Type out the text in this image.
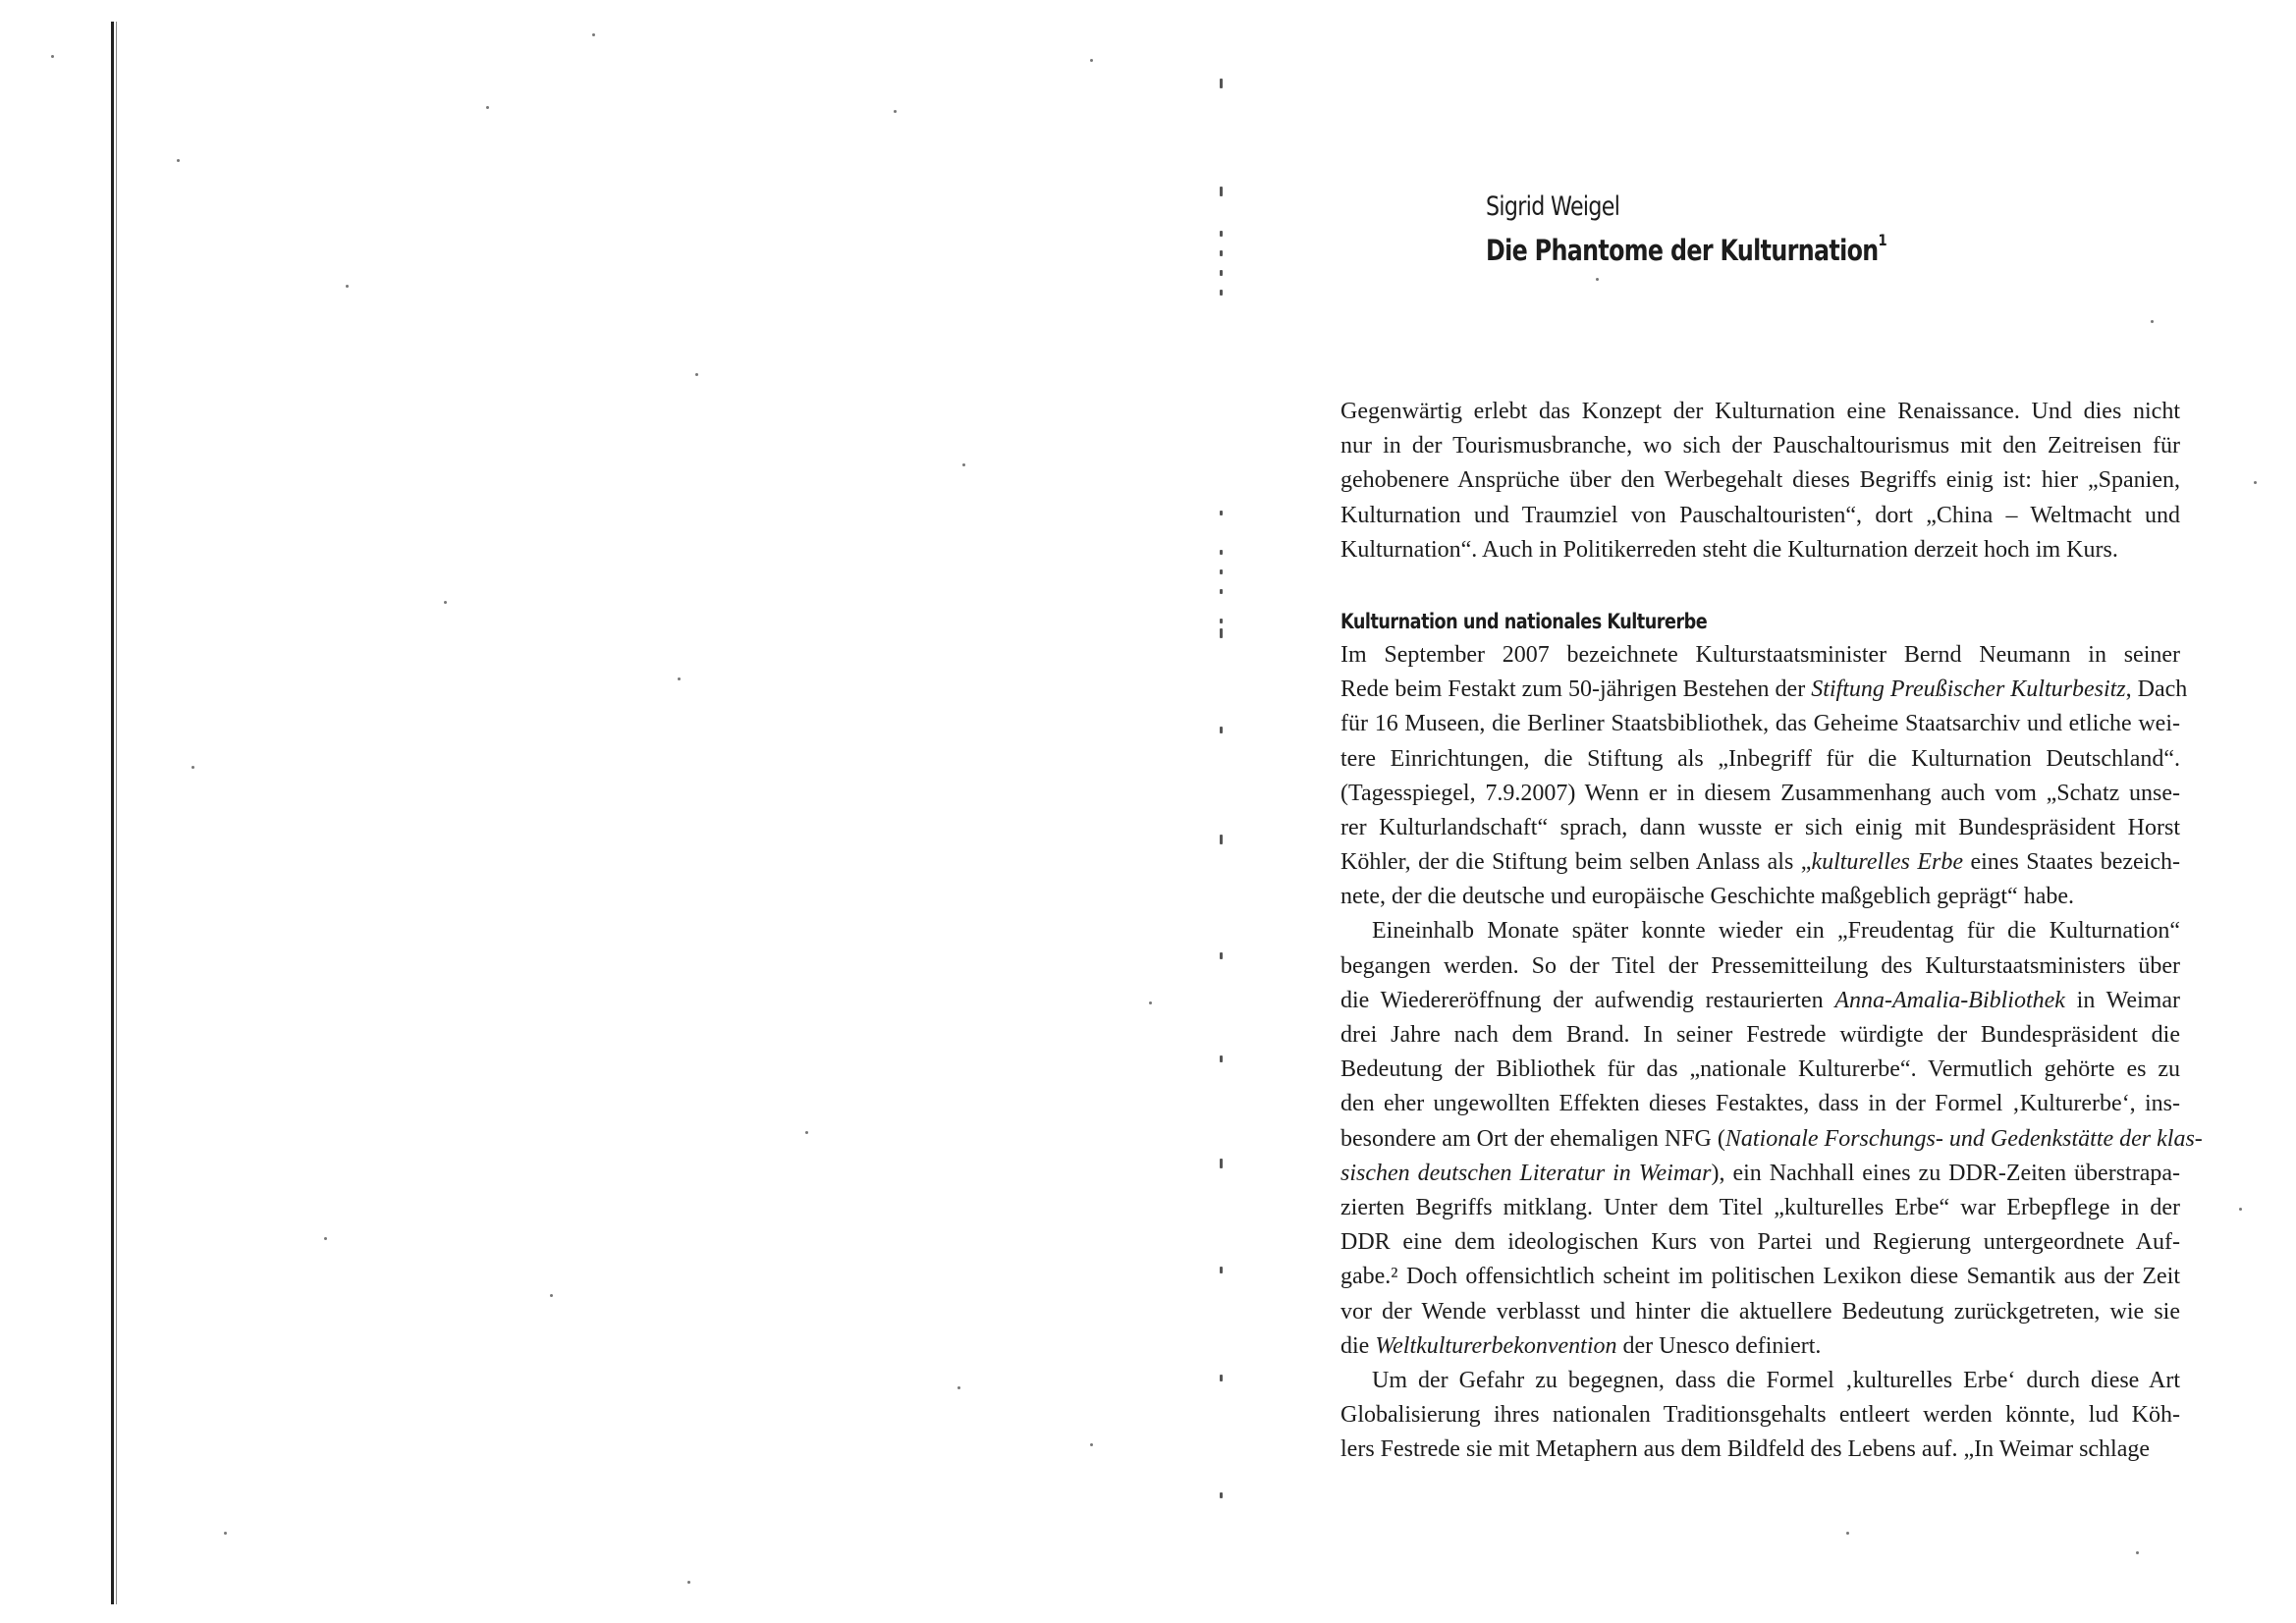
Sigrid Weigel
Die Phantome der Kulturnation$^1$
Gegenwärtig erlebt das Konzept der Kulturnation eine Renaissance. Und dies nicht
nur in der Tourismusbranche, wo sich der Pauschaltourismus mit den Zeitreisen für
gehobenere Ansprüche über den Werbegehalt dieses Begriffs einig ist: hier „Spanien,
Kulturnation und Traumziel von Pauschaltouristen“, dort „China – Weltmacht und
Kulturnation“. Auch in Politikerreden steht die Kulturnation derzeit hoch im Kurs.
Kulturnation und nationales Kulturerbe
Im September 2007 bezeichnete Kulturstaatsminister Bernd Neumann in seiner
Rede beim Festakt zum 50-jährigen Bestehen der Stiftung Preußischer Kulturbesitz, Dach
für 16 Museen, die Berliner Staatsbibliothek, das Geheime Staatsarchiv und etliche wei-
tere Einrichtungen, die Stiftung als „Inbegriff für die Kulturnation Deutschland“.
(Tagesspiegel, 7.9.2007) Wenn er in diesem Zusammenhang auch vom „Schatz unse-
rer Kulturlandschaft“ sprach, dann wusste er sich einig mit Bundespräsident Horst
Köhler, der die Stiftung beim selben Anlass als „kulturelles Erbe eines Staates bezeich-
nete, der die deutsche und europäische Geschichte maßgeblich geprägt“ habe.
Eineinhalb Monate später konnte wieder ein „Freudentag für die Kulturnation“
begangen werden. So der Titel der Pressemitteilung des Kulturstaatsministers über
die Wiedereröffnung der aufwendig restaurierten Anna-Amalia-Bibliothek in Weimar
drei Jahre nach dem Brand. In seiner Festrede würdigte der Bundespräsident die
Bedeutung der Bibliothek für das „nationale Kulturerbe“. Vermutlich gehörte es zu
den eher ungewollten Effekten dieses Festaktes, dass in der Formel ‚Kulturerbe‘, ins-
besondere am Ort der ehemaligen NFG (Nationale Forschungs- und Gedenkstätte der klas-
sischen deutschen Literatur in Weimar), ein Nachhall eines zu DDR-Zeiten überstrapa-
zierten Begriffs mitklang. Unter dem Titel „kulturelles Erbe“ war Erbepflege in der
DDR eine dem ideologischen Kurs von Partei und Regierung untergeordnete Auf-
gabe.² Doch offensichtlich scheint im politischen Lexikon diese Semantik aus der Zeit
vor der Wende verblasst und hinter die aktuellere Bedeutung zurückgetreten, wie sie
die Weltkulturerbekonvention der Unesco definiert.
Um der Gefahr zu begegnen, dass die Formel ‚kulturelles Erbe‘ durch diese Art
Globalisierung ihres nationalen Traditionsgehalts entleert werden könnte, lud Köh-
lers Festrede sie mit Metaphern aus dem Bildfeld des Lebens auf. „In Weimar schlage
